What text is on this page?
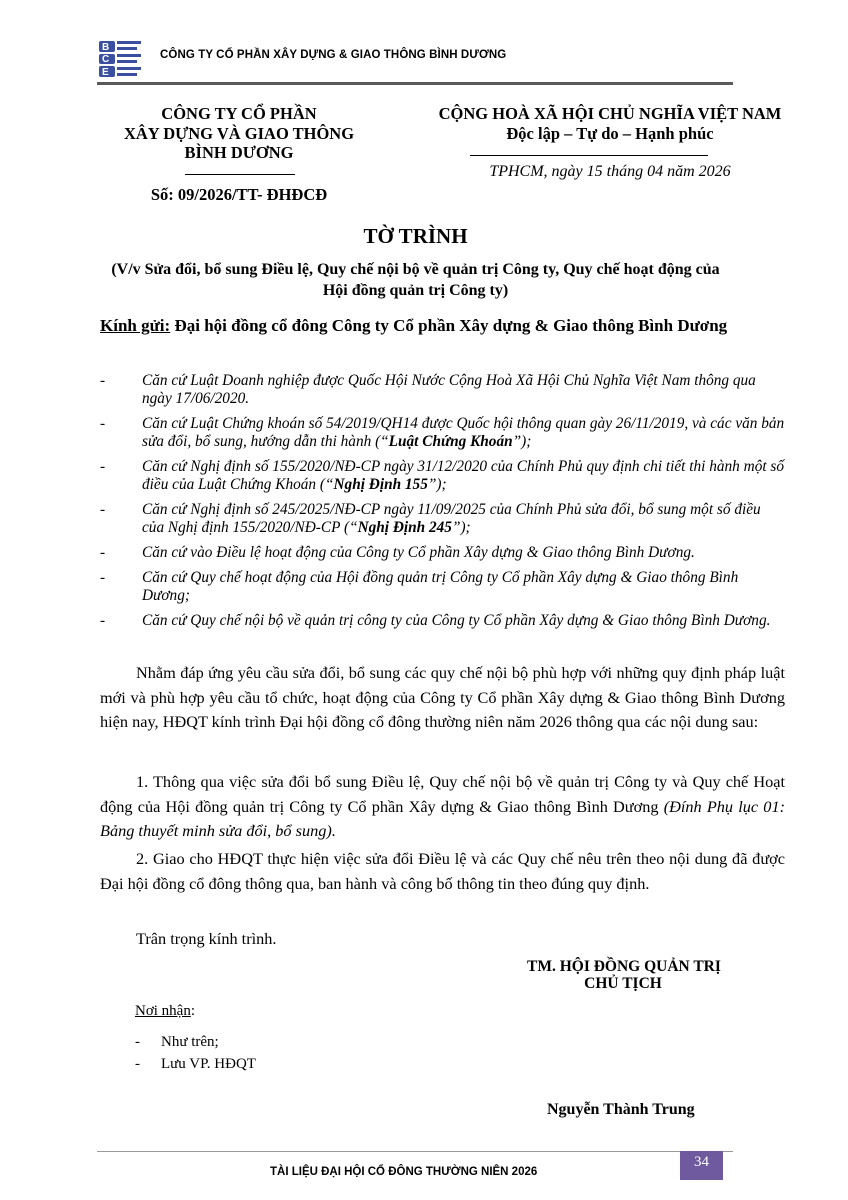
B
C
E
CÔNG TY CỔ PHẦN XÂY DỰNG & GIAO THÔNG BÌNH DƯƠNG
CÔNG TY CỔ PHẦN
XÂY DỰNG VÀ GIAO THÔNG
BÌNH DƯƠNG
Số: 09/2026/TT- ĐHĐCĐ
CỘNG HOÀ XÃ HỘI CHỦ NGHĨA VIỆT NAM
Độc lập – Tự do – Hạnh phúc
TPHCM, ngày 15 tháng 04 năm 2026
TỜ TRÌNH
(V/v Sửa đổi, bổ sung Điều lệ, Quy chế nội bộ về quản trị Công ty, Quy chế hoạt động của Hội đồng quản trị Công ty)
Kính gửi: Đại hội đồng cổ đông Công ty Cổ phần Xây dựng & Giao thông Bình Dương
- Căn cứ Luật Doanh nghiệp được Quốc Hội Nước Cộng Hoà Xã Hội Chủ Nghĩa Việt Nam thông qua ngày 17/06/2020.
- Căn cứ Luật Chứng khoán số 54/2019/QH14 được Quốc hội thông quan gày 26/11/2019, và các văn bản sửa đổi, bổ sung, hướng dẫn thi hành (“Luật Chứng Khoán”);
- Căn cứ Nghị định số 155/2020/NĐ-CP ngày 31/12/2020 của Chính Phủ quy định chi tiết thi hành một số điều của Luật Chứng Khoán (“Nghị Định 155”);
- Căn cứ Nghị định số 245/2025/NĐ-CP ngày 11/09/2025 của Chính Phủ sửa đổi, bổ sung một số điều của Nghị định 155/2020/NĐ-CP (“Nghị Định 245”);
- Căn cứ vào Điều lệ hoạt động của Công ty Cổ phần Xây dựng & Giao thông Bình Dương.
- Căn cứ Quy chế hoạt động của Hội đồng quản trị Công ty Cổ phần Xây dựng & Giao thông Bình Dương;
- Căn cứ Quy chế nội bộ về quản trị công ty của Công ty Cổ phần Xây dựng & Giao thông Bình Dương.
Nhằm đáp ứng yêu cầu sửa đổi, bổ sung các quy chế nội bộ phù hợp với những quy định pháp luật mới và phù hợp yêu cầu tổ chức, hoạt động của Công ty Cổ phần Xây dựng & Giao thông Bình Dương hiện nay, HĐQT kính trình Đại hội đồng cổ đông thường niên năm 2026 thông qua các nội dung sau:
1. Thông qua việc sửa đổi bổ sung Điều lệ, Quy chế nội bộ về quản trị Công ty và Quy chế Hoạt động của Hội đồng quản trị Công ty Cổ phần Xây dựng & Giao thông Bình Dương (Đính Phụ lục 01: Bảng thuyết minh sửa đổi, bổ sung).
2. Giao cho HĐQT thực hiện việc sửa đổi Điều lệ và các Quy chế nêu trên theo nội dung đã được Đại hội đồng cổ đông thông qua, ban hành và công bố thông tin theo đúng quy định.
Trân trọng kính trình.
TM. HỘI ĐỒNG QUẢN TRỊ
CHỦ TỊCH
Nơi nhận:
- Như trên;
- Lưu VP. HĐQT
Nguyễn Thành Trung
TÀI LIỆU ĐẠI HỘI CỔ ĐÔNG THƯỜNG NIÊN 2026
34
